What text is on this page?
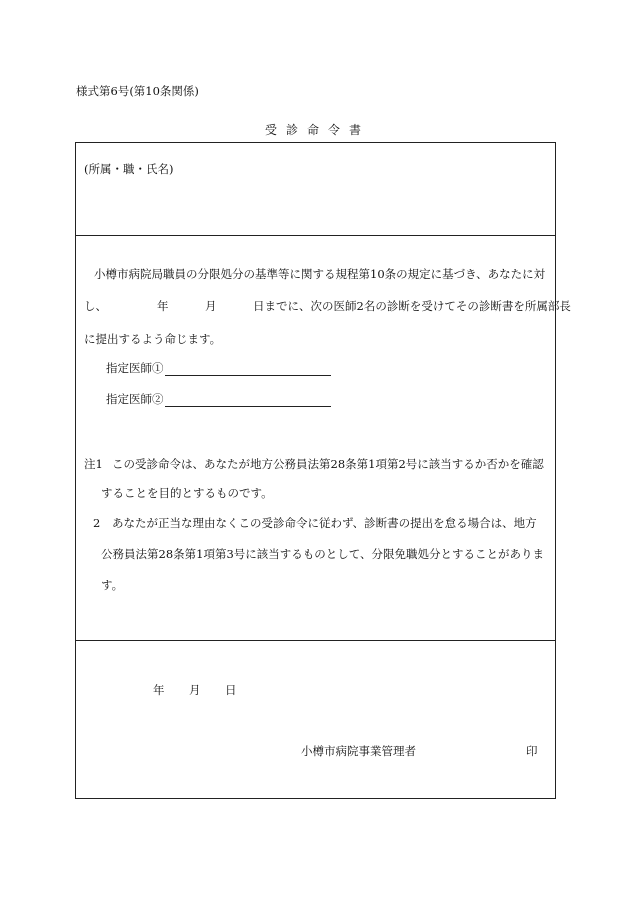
様式第6号(第10条関係)
受診命令書
(所属・職・氏名)
小樽市病院局職員の分限処分の基準等に関する規程第10条の規定に基づき、あなたに対
し、	年	月	日までに、次の医師2名の診断を受けてその診断書を所属部長
に提出するよう命じます。
指定医師①
指定医師②
注1 この受診命令は、あなたが地方公務員法第28条第1項第2号に該当するか否かを確認
することを目的とするものです。
2 あなたが正当な理由なくこの受診命令に従わず、診断書の提出を怠る場合は、地方
公務員法第28条第1項第3号に該当するものとして、分限免職処分とすることがありま
す。
年 月 日
小樽市病院事業管理者	印
